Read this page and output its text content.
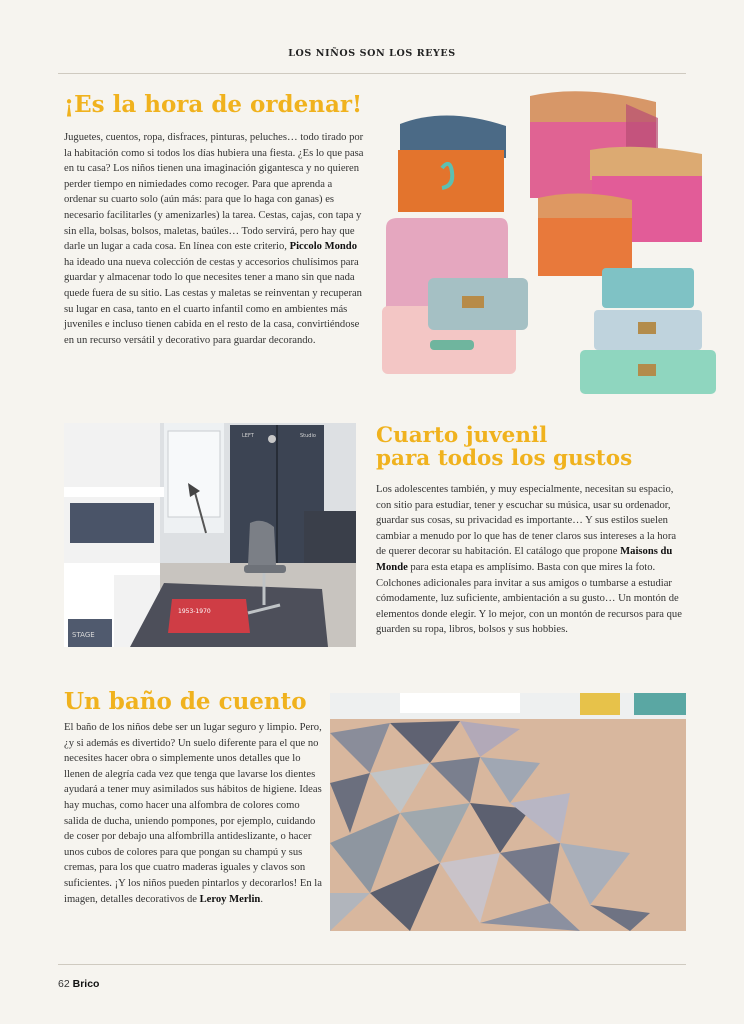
LOS NIÑOS SON LOS REYES
¡Es la hora de ordenar!

Juguetes, cuentos, ropa, disfraces, pinturas, peluches… todo tirado por la habitación como si todos los días hubiera una fiesta. ¿Es lo que pasa en tu casa? Los niños tienen una imaginación gigantesca y no quieren perder tiempo en nimiedades como recoger. Para que aprenda a ordenar su cuarto solo (aún más: para que lo haga con ganas) es necesario facilitarles (y amenizarles) la tarea. Cestas, cajas, con tapa y sin ella, bolsas, bolsos, maletas, baúles… Todo servirá, pero hay que darle un lugar a cada cosa. En línea con este criterio, Piccolo Mondo ha ideado una nueva colección de cestas y accesorios chulísimos para guardar y almacenar todo lo que necesites tener a mano sin que nada quede fuera de su sitio. Las cestas y maletas se reinventan y recuperan su lugar en casa, tanto en el cuarto infantil como en ambientes más juveniles e incluso tienen cabida en el resto de la casa, convirtiéndose en un recurso versátil y decorativo para guardar decorando.

LEFT	Studio
STAGE
1953-1970
Cuarto juvenil
para todos los gustos

Los adolescentes también, y muy especialmente, necesitan su espacio, con sitio para estudiar, tener y escuchar su música, usar su ordenador, guardar sus cosas, su privacidad es importante… Y sus estilos suelen cambiar a menudo por lo que has de tener claros sus intereses a la hora de querer decorar su habitación. El catálogo que propone Maisons du Monde para esta etapa es amplísimo. Basta con que mires la foto. Colchones adicionales para invitar a sus amigos o tumbarse a estudiar cómodamente, luz suficiente, ambientación a su gusto… Un montón de elementos donde elegir. Y lo mejor, con un montón de recursos para que guarden su ropa, libros, bolsos y sus hobbies.

Un baño de cuento

El baño de los niños debe ser un lugar seguro y limpio. Pero, ¿y si además es divertido? Un suelo diferente para el que no necesites hacer obra o simplemente unos detalles que lo llenen de alegría cada vez que tenga que lavarse los dientes ayudará a tener muy asimilados sus hábitos de higiene. Ideas hay muchas, como hacer una alfombra de colores como salida de ducha, uniendo pompones, por ejemplo, cuidando de coser por debajo una alfombrilla antideslizante, o hacer unos cubos de colores para que pongan su champú y sus cremas, para los que cuatro maderas iguales y clavos son suficientes. ¡Y los niños pueden pintarlos y decorarlos! En la imagen, detalles decorativos de Leroy Merlin.

62 Brico
